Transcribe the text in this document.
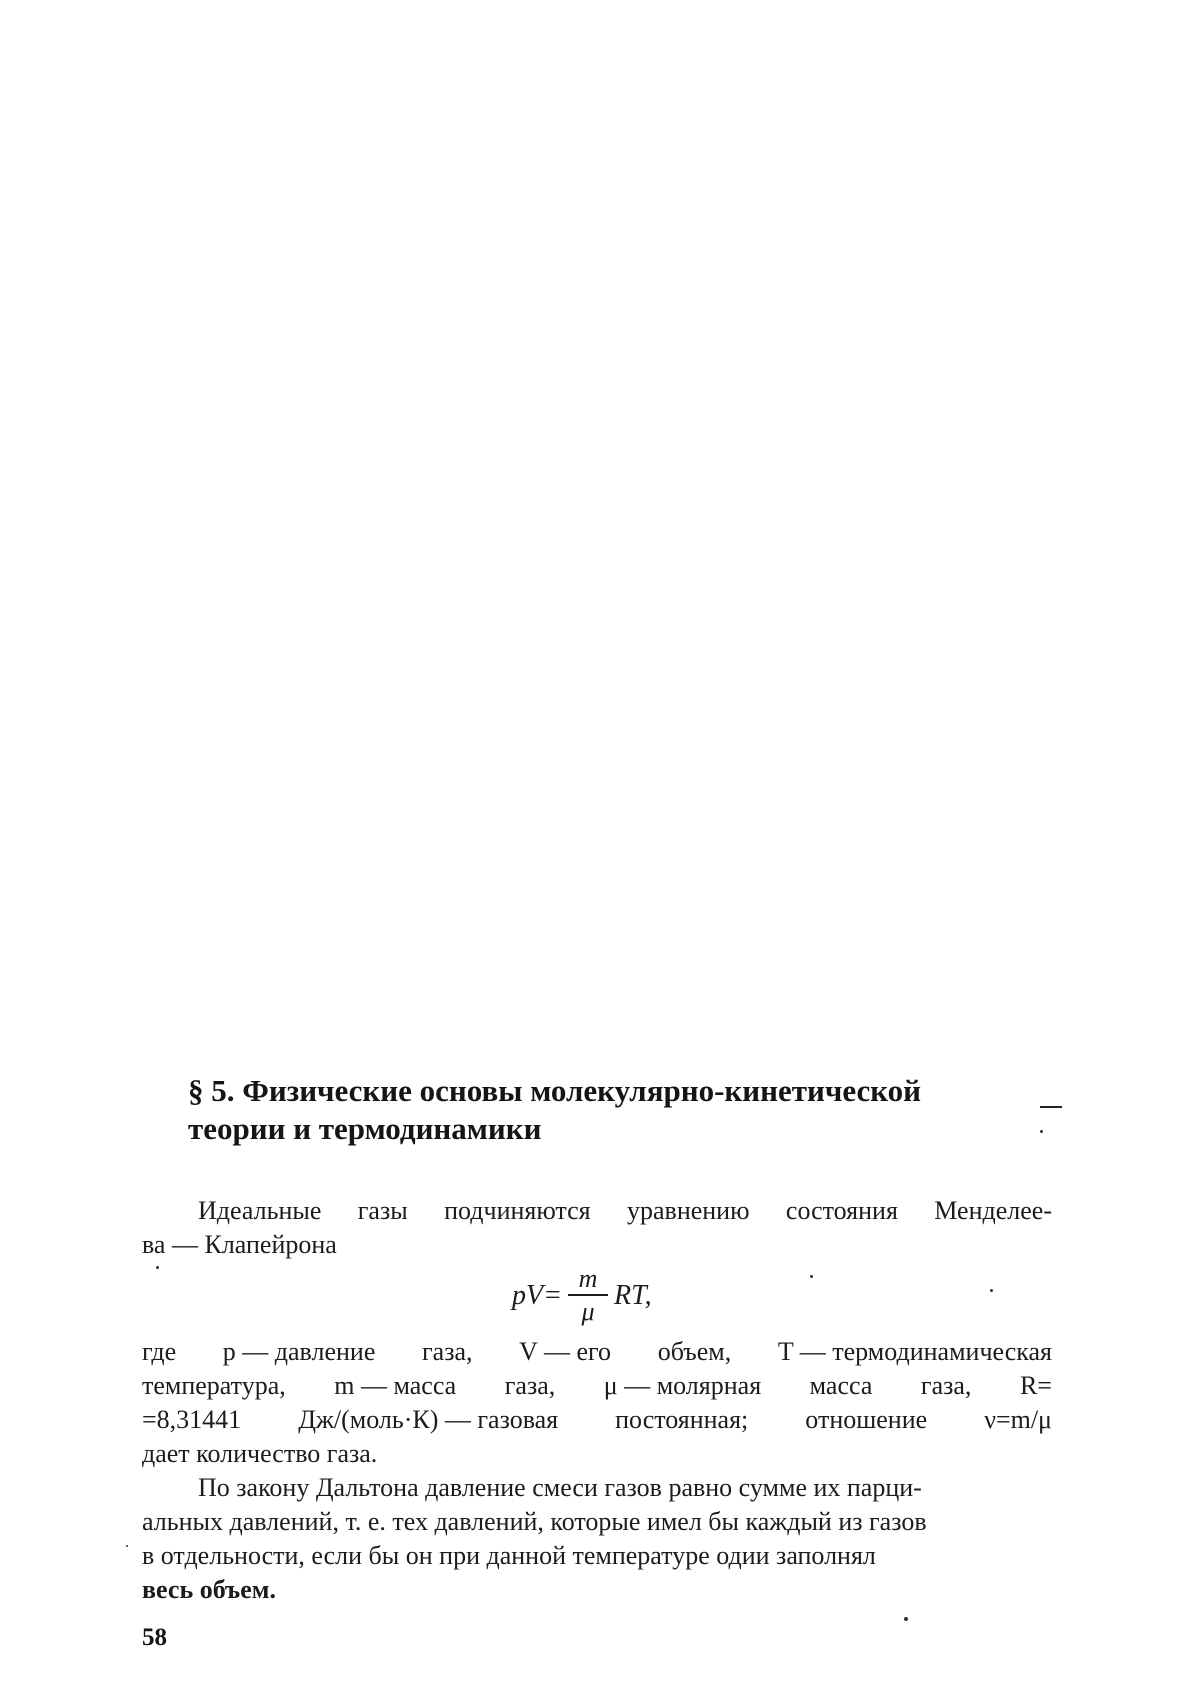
§ 5. Физические основы молекулярно-кинетической
теории и термодинамики
Идеальные газы подчиняются уравнению состояния Менделее-
ва — Клапейрона
$pV= \frac{m}{\mu}$ RT,
где p — давление газа, V — его объем, T — термодинамическая
температура, m — масса газа, μ — молярная масса газа, R=
=8,31441 Дж/(моль·К) — газовая постоянная; отношение ν=m/μ
дает количество газа.
По законy Дальтона давление смеси газов равно сумме их парци-
альных давлений, т. е. тех давлений, которые имел бы каждый из газов
в отдельности, если бы он при данной температуре одии заполнял
весь объем.
58
